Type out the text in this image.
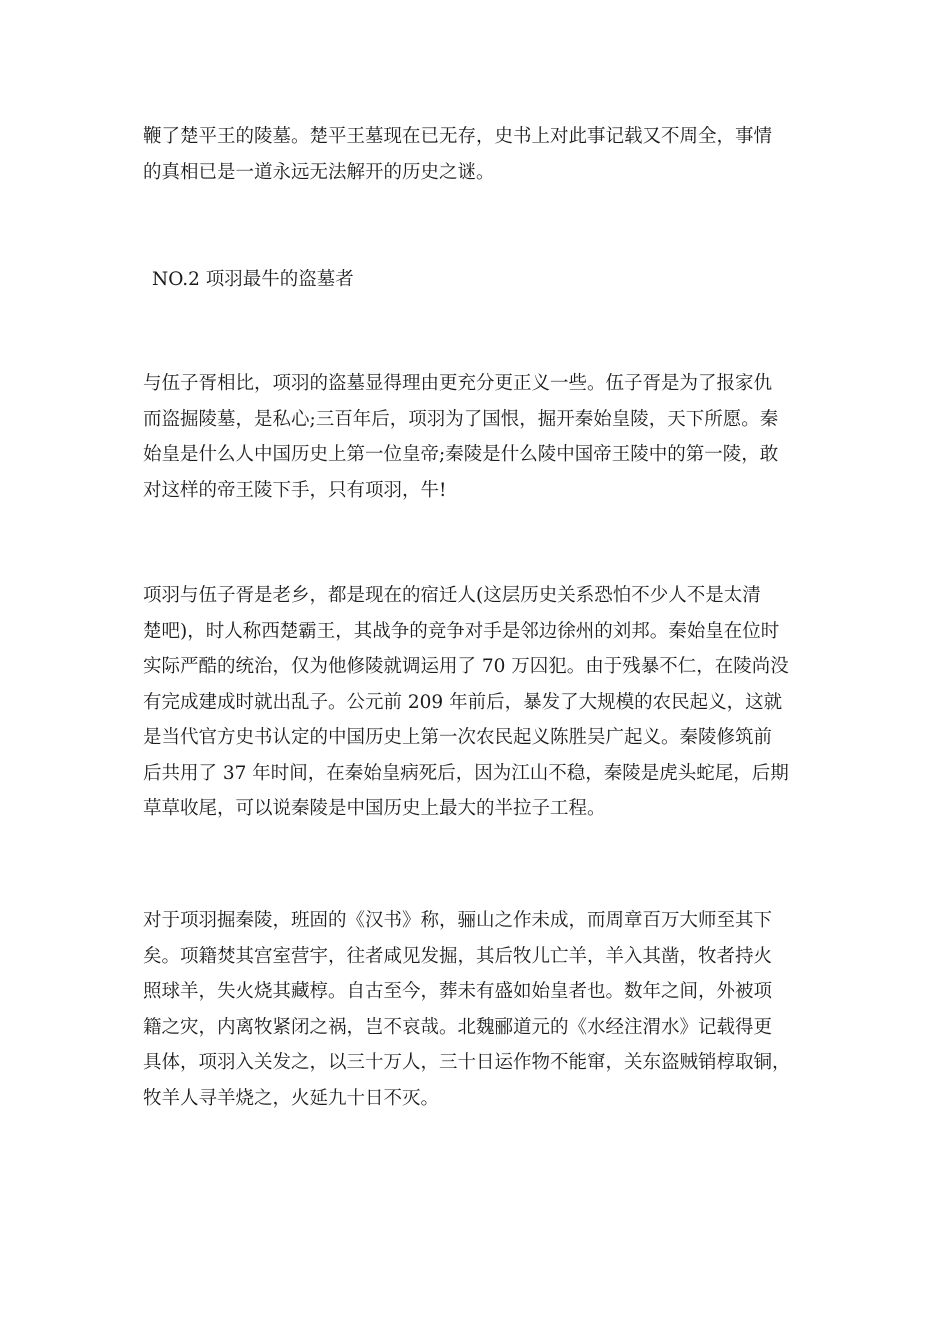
鞭了楚平王的陵墓。楚平王墓现在已无存，史书上对此事记载又不周全，事情
的真相已是一道永远无法解开的历史之谜。

NO.2 项羽最牛的盗墓者

与伍子胥相比，项羽的盗墓显得理由更充分更正义一些。伍子胥是为了报家仇
而盗掘陵墓，是私心;三百年后，项羽为了国恨，掘开秦始皇陵，天下所愿。秦
始皇是什么人中国历史上第一位皇帝;秦陵是什么陵中国帝王陵中的第一陵，敢
对这样的帝王陵下手，只有项羽，牛!

项羽与伍子胥是老乡，都是现在的宿迁人(这层历史关系恐怕不少人不是太清
楚吧)，时人称西楚霸王，其战争的竞争对手是邻边徐州的刘邦。秦始皇在位时
实际严酷的统治，仅为他修陵就调运用了 70 万囚犯。由于残暴不仁，在陵尚没
有完成建成时就出乱子。公元前 209 年前后，暴发了大规模的农民起义，这就
是当代官方史书认定的中国历史上第一次农民起义陈胜吴广起义。秦陵修筑前
后共用了 37 年时间，在秦始皇病死后，因为江山不稳，秦陵是虎头蛇尾，后期
草草收尾，可以说秦陵是中国历史上最大的半拉子工程。

对于项羽掘秦陵，班固的《汉书》称，骊山之作未成，而周章百万大师至其下
矣。项籍焚其宫室营宇，往者咸见发掘，其后牧儿亡羊，羊入其凿，牧者持火
照球羊，失火烧其藏椁。自古至今，葬未有盛如始皇者也。数年之间，外被项
籍之灾，内离牧紧闭之祸，岂不哀哉。北魏郦道元的《水经注渭水》记载得更
具体，项羽入关发之，以三十万人，三十日运作物不能窜，关东盗贼销椁取铜，
牧羊人寻羊烧之，火延九十日不灭。
